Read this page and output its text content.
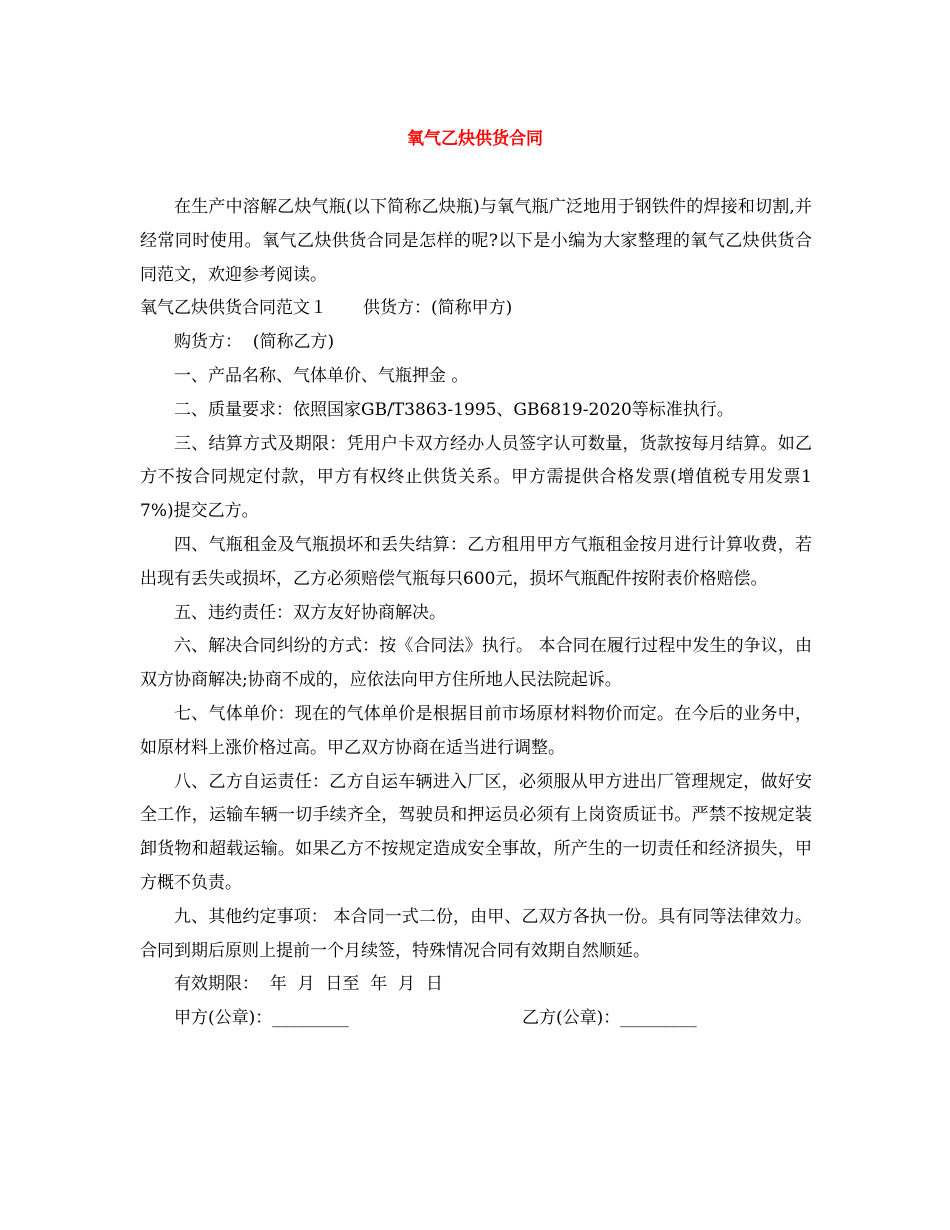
氧气乙炔供货合同

在生产中溶解乙炔气瓶(以下简称乙炔瓶)与氧气瓶广泛地用于钢铁件的焊接和切割,并经常同时使用。氧气乙炔供货合同是怎样的呢?以下是小编为大家整理的氧气乙炔供货合同范文，欢迎参考阅读。

氧气乙炔供货合同范文１ 供货方：(简称甲方)

购货方：  (简称乙方)

一、产品名称、气体单价、气瓶押金 。

二、质量要求：依照国家GB/T3863-1995、GB6819-2020等标准执行。

三、结算方式及期限：凭用户卡双方经办人员签字认可数量，货款按每月结算。如乙方不按合同规定付款，甲方有权终止供货关系。甲方需提供合格发票(增值税专用发票17%)提交乙方。

四、气瓶租金及气瓶损坏和丢失结算：乙方租用甲方气瓶租金按月进行计算收费，若出现有丢失或损坏，乙方必须赔偿气瓶每只600元，损坏气瓶配件按附表价格赔偿。

五、违约责任：双方友好协商解决。

六、解决合同纠纷的方式：按《合同法》执行。 本合同在履行过程中发生的争议，由双方协商解决;协商不成的，应依法向甲方住所地人民法院起诉。

七、气体单价：现在的气体单价是根据目前市场原材料物价而定。在今后的业务中，如原材料上涨价格过高。甲乙双方协商在适当进行调整。

八、乙方自运责任：乙方自运车辆进入厂区，必须服从甲方进出厂管理规定，做好安全工作，运输车辆一切手续齐全，驾驶员和押运员必须有上岗资质证书。严禁不按规定装卸货物和超载运输。如果乙方不按规定造成安全事故，所产生的一切责任和经济损失，甲方概不负责。

九、其他约定事项： 本合同一式二份，由甲、乙双方各执一份。具有同等法律效力。合同到期后原则上提前一个月续签，特殊情况合同有效期自然顺延。

有效期限：  年  月  日至  年  月  日

甲方(公章)：_________	乙方(公章)：_________
